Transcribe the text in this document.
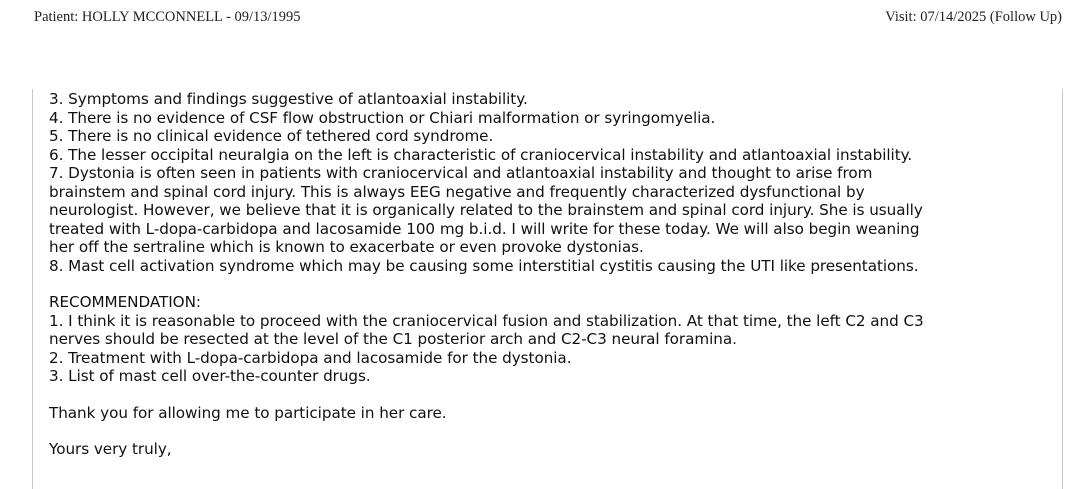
Patient: HOLLY MCCONNELL - 09/13/1995	Visit: 07/14/2025 (Follow Up)

3. Symptoms and findings suggestive of atlantoaxial instability.

4. There is no evidence of CSF flow obstruction or Chiari malformation or syringomyelia.

5. There is no clinical evidence of tethered cord syndrome.

6. The lesser occipital neuralgia on the left is characteristic of craniocervical instability and atlantoaxial instability.

7. Dystonia is often seen in patients with craniocervical and atlantoaxial instability and thought to arise from

brainstem and spinal cord injury. This is always EEG negative and frequently characterized dysfunctional by

neurologist. However, we believe that it is organically related to the brainstem and spinal cord injury. She is usually

treated with L-dopa-carbidopa and lacosamide 100 mg b.i.d. I will write for these today. We will also begin weaning

her off the sertraline which is known to exacerbate or even provoke dystonias.

8. Mast cell activation syndrome which may be causing some interstitial cystitis causing the UTI like presentations.

RECOMMENDATION:

1. I think it is reasonable to proceed with the craniocervical fusion and stabilization. At that time, the left C2 and C3

nerves should be resected at the level of the C1 posterior arch and C2-C3 neural foramina.

2. Treatment with L-dopa-carbidopa and lacosamide for the dystonia.

3. List of mast cell over-the-counter drugs.

Thank you for allowing me to participate in her care.

Yours very truly,
